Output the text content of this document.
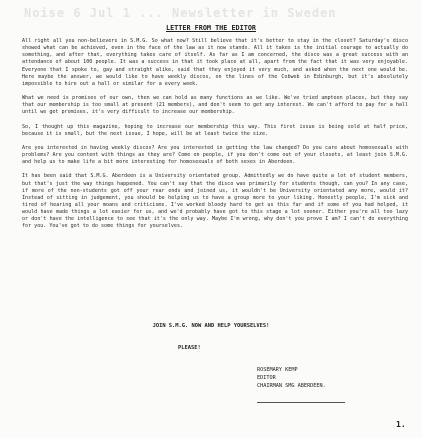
Noise 6 Jul 1 ... Newsletter in Sweden
LETTER FROM THE EDITOR

All right all you non-believers in S.M.G. So what now? Still believe that it's better to stay in the closet? Saturday's disco showed what can be achieved, even in the face of the law as it now stands. All it takes is the initial courage to actually do something, and after that, everything takes care of itself. As far as I am concerned, the disco was a great success with an attendance of about 100 people. It was a success in that it took place at all, apart from the fact that it was very enjoyable. Everyone that I spoke to, gay and straight alike, said that they enjoyed it very much, and asked when the next one would be. Here maybe the answer, we would like to have weekly discos, on the lines of the Cobweb in Edinburgh, but it's absolutely impossible to hire out a hall or similar for a every week.

What we need is promises of our own, then we can hold as many functions as we like. We've tried umpteen places, but they say that our membership is too small at present (21 members), and don't seem to get any interest. We can't afford to pay for a hall until we get promises, it's very difficult to increase our membership.

So, I thought up this magazine, hoping to increase our membership this way. This first issue is being sold at half price, because it is small, but the next issue, I hope, will be at least twice the size.

Are you interested in having weekly discos? Are you interested in getting the law changed? Do you care about homosexuals with problems? Are you content with things as they are? Come on people, if you don't come out of your closets, at least join S.M.G. and help us to make life a bit more interesting for homosexuals of both sexes in Aberdeen.

It has been said that S.M.G. Aberdeen is a University orientated group. Admittedly we do have quite a lot of student members, but that's just the way things happened. You can't say that the disco was primarily for students though, can you? In any case, if more of the non-students got off your rear ends and joined us, it wouldn't be University orientated any more, would it? Instead of sitting in judgement, you should be helping us to have a group more to your liking. Honestly people, I'm sick and tired of hearing all your moans and criticisms. I've worked bloody hard to get us this far and if some of you had helped, it would have made things a lot easier for us, and we'd probably have got to this stage a lot sooner. Either you're all too lazy or don't have the intelligence to see that it's the only way. Maybe I'm wrong, why don't you prove I am? I can't do everything for you. You've got to do some things for yourselves.

JOIN S.M.G. NOW AND HELP YOURSELVES!
PLEASE!
ROSEMARY KEMP
EDITOR
CHAIRMAN SMG ABERDEEN.
1.
